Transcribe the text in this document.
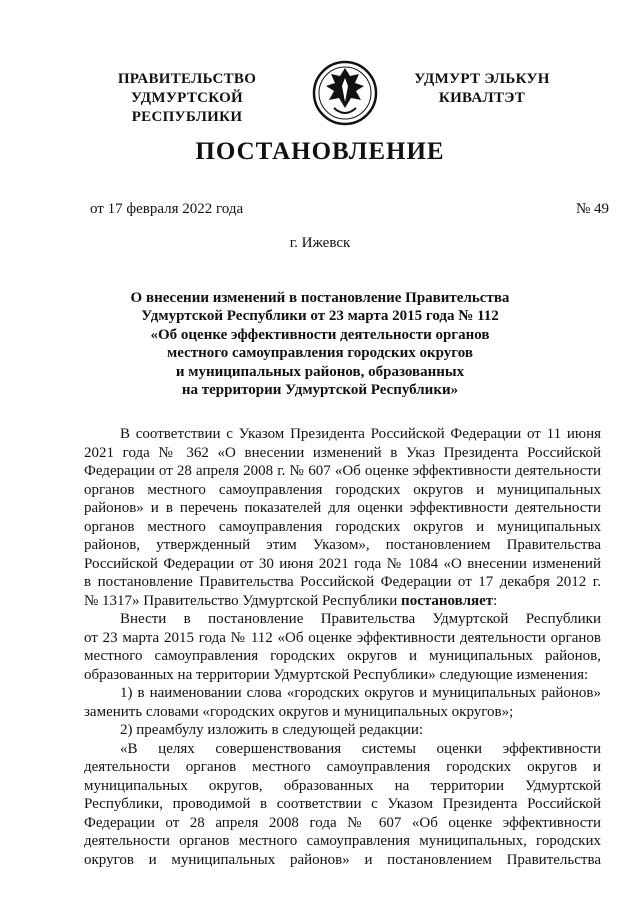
ПРАВИТЕЛЬСТВО
УДМУРТСКОЙ РЕСПУБЛИКИ
УДМУРТ ЭЛЬКУН
КИВАЛТЭТ
ПОСТАНОВЛЕНИЕ
от 17 февраля 2022 года	№ 49
г. Ижевск
О внесении изменений в постановление Правительства
Удмуртской Республики от 23 марта 2015 года № 112
«Об оценке эффективности деятельности органов
местного самоуправления городских округов
и муниципальных районов, образованных
на территории Удмуртской Республики»

В соответствии с Указом Президента Российской Федерации от 11 июня

2021 года № 362 «О внесении изменений в Указ Президента Российской

Федерации от 28 апреля 2008 г. № 607 «Об оценке эффективности деятельности

органов местного самоуправления городских округов и муниципальных

районов» и в перечень показателей для оценки эффективности деятельности

органов местного самоуправления городских округов и муниципальных

районов, утвержденный этим Указом», постановлением Правительства

Российской Федерации от 30 июня 2021 года № 1084 «О внесении изменений

в постановление Правительства Российской Федерации от 17 декабря 2012 г.

№ 1317» Правительство Удмуртской Республики постановляет:

Внести в постановление Правительства Удмуртской Республики

от 23 марта 2015 года № 112 «Об оценке эффективности деятельности органов

местного самоуправления городских округов и муниципальных районов,

образованных на территории Удмуртской Республики» следующие изменения:

1) в наименовании слова «городских округов и муниципальных районов»

заменить словами «городских округов и муниципальных округов»;

2) преамбулу изложить в следующей редакции:

«В целях совершенствования системы оценки эффективности

деятельности органов местного самоуправления городских округов и

муниципальных округов, образованных на территории Удмуртской

Республики, проводимой в соответствии с Указом Президента Российской

Федерации от 28 апреля 2008 года № 607 «Об оценке эффективности

деятельности органов местного самоуправления муниципальных, городских

округов и муниципальных районов» и постановлением Правительства
